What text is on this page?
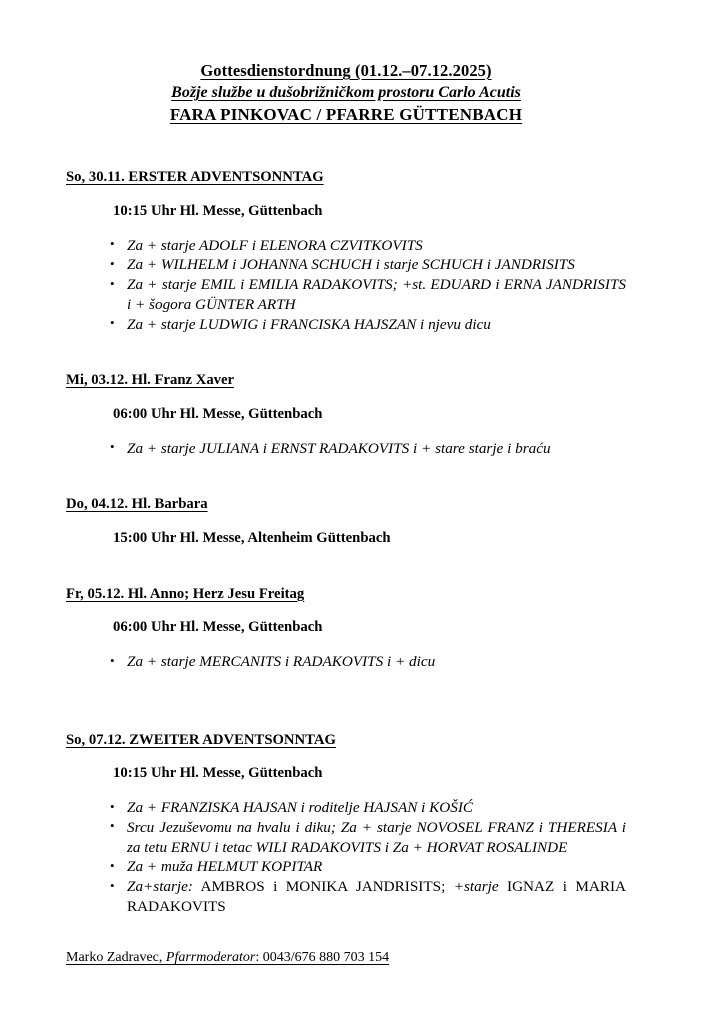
Gottesdienstordnung (01.12.–07.12.2025)
Božje službe u dušobrižničkom prostoru Carlo Acutis
FARA PINKOVAC / PFARRE GÜTTENBACH
So, 30.11. ERSTER ADVENTSONNTAG
10:15 Uhr Hl. Messe, Güttenbach
• Za + starje ADOLF i ELENORA CZVITKOVITS
• Za + WILHELM i JOHANNA SCHUCH i starje SCHUCH i JANDRISITS
• Za + starje EMIL i EMILIA RADAKOVITS; +st. EDUARD i ERNA JANDRISITS i + šogora GÜNTER ARTH
• Za + starje LUDWIG i FRANCISKA HAJSZAN i njevu dicu
Mi, 03.12. Hl. Franz Xaver
06:00 Uhr Hl. Messe, Güttenbach
• Za + starje JULIANA i ERNST RADAKOVITS i + stare starje i braću
Do, 04.12. Hl. Barbara
15:00 Uhr Hl. Messe, Altenheim Güttenbach
Fr, 05.12. Hl. Anno; Herz Jesu Freitag
06:00 Uhr Hl. Messe, Güttenbach
• Za + starje MERCANITS i RADAKOVITS i + dicu
So, 07.12. ZWEITER ADVENTSONNTAG
10:15 Uhr Hl. Messe, Güttenbach
• Za + FRANZISKA HAJSAN i roditelje HAJSAN i KOŠIĆ
• Srcu Jezuševomu na hvalu i diku; Za + starje NOVOSEL FRANZ i THERESIA i za tetu ERNU i tetac WILI RADAKOVITS i Za + HORVAT ROSALINDE
• Za + muža HELMUT KOPITAR
• Za+starje: AMBROS i MONIKA JANDRISITS; +starje IGNAZ i MARIA RADAKOVITS
Marko Zadravec, Pfarrmoderator: 0043/676 880 703 154
